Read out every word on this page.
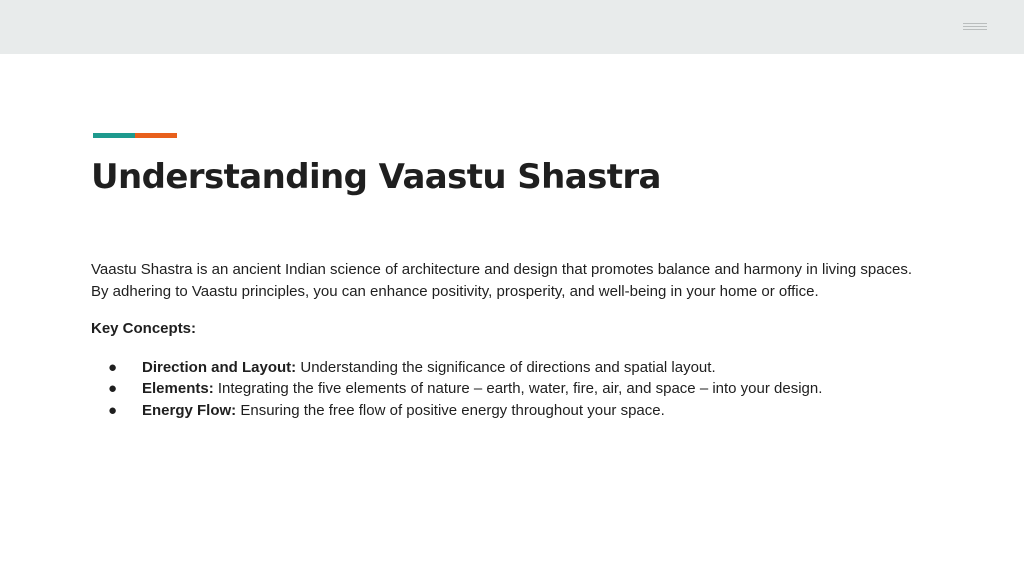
Understanding Vaastu Shastra

Vaastu Shastra is an ancient Indian science of architecture and design that promotes balance and harmony in living spaces. By adhering to Vaastu principles, you can enhance positivity, prosperity, and well-being in your home or office.

Key Concepts:

● Direction and Layout: Understanding the significance of directions and spatial layout.
● Elements: Integrating the five elements of nature – earth, water, fire, air, and space – into your design.
● Energy Flow: Ensuring the free flow of positive energy throughout your space.
